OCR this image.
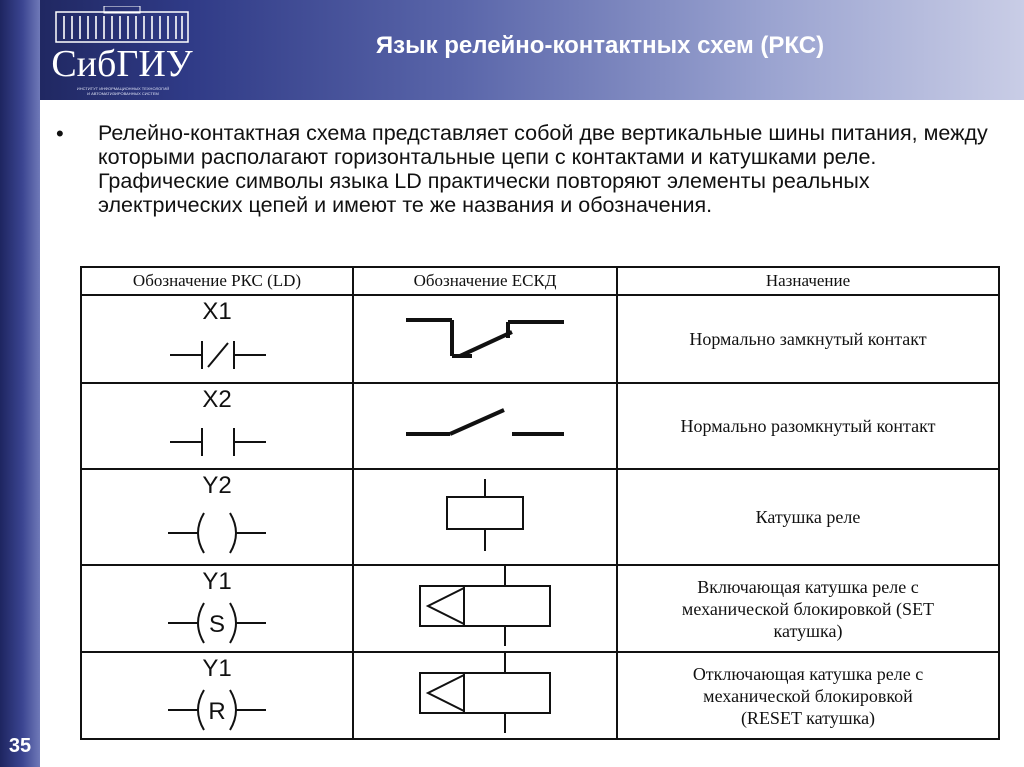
СибГИУ
ИНСТИТУТ ИНФОРМАЦИОННЫХ ТЕХНОЛОГИЙ
И АВТОМАТИЗИРОВАННЫХ СИСТЕМ
Язык релейно-контактных схем (РКС)
35
• Релейно-контактная схема представляет собой две вертикальные шины питания, между которыми располагают горизонтальные цепи с контактами и катушками реле. Графические символы языка LD практически повторяют элементы реальных электрических цепей и имеют те же названия и обозначения.
Обозначение РКС (LD)	Обозначение ЕСКД	Назначение

X1		Нормально замкнутый контакт

X2		Нормально разомкнутый контакт

Y2		Катушка реле

Y1
S		Включающая катушка реле с
механической блокировкой (SET
катушка)

Y1
R		Отключающая катушка реле с
механической блокировкой
(RESET катушка)
